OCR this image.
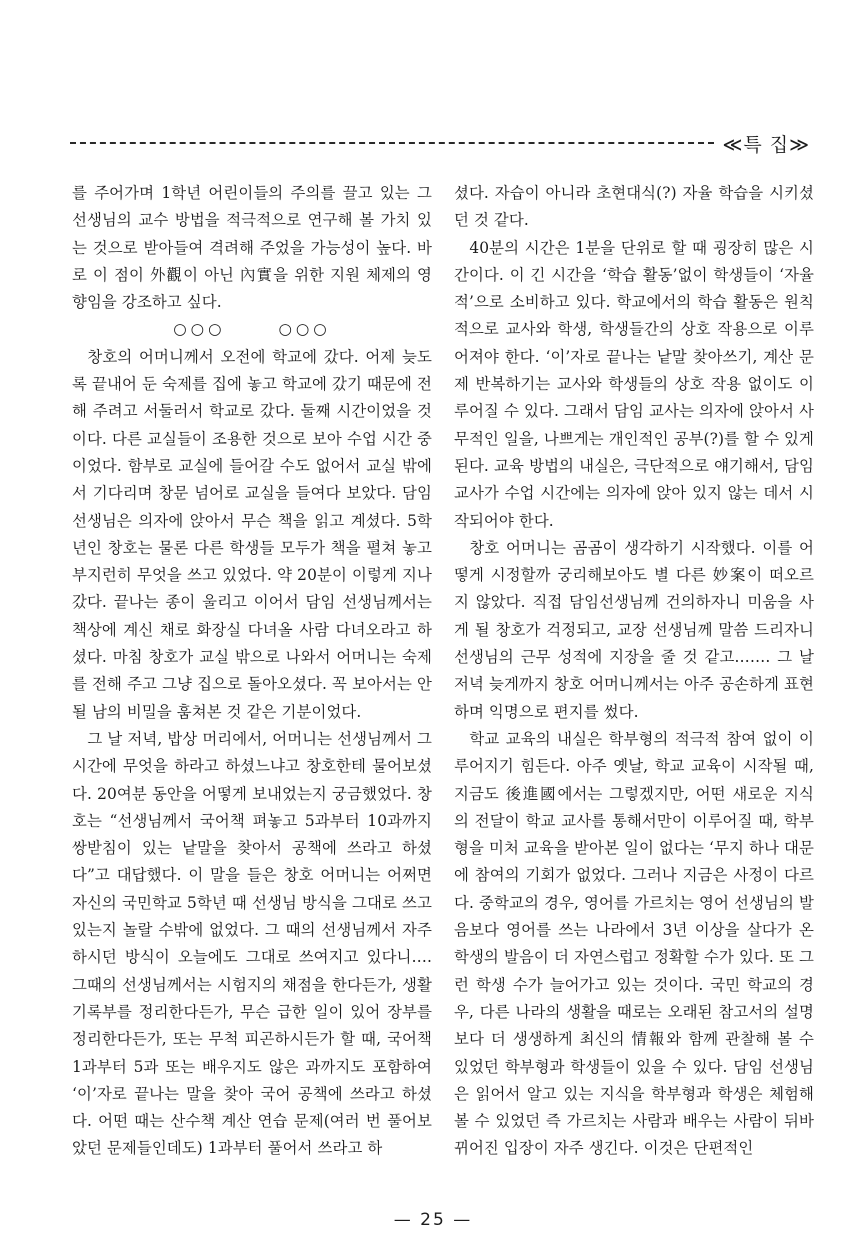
≪특 집≫

를 주어가며 1학년 어린이들의 주의를 끌고 있는 그 선생님의 교수 방법을 적극적으로 연구해 볼 가치 있는 것으로 받아들여 격려해 주었을 가능성이 높다. 바로 이 점이 外觀이 아닌 內實을 위한 지원 체제의 영향임을 강조하고 싶다.

○○○	○○○

창호의 어머니께서 오전에 학교에 갔다. 어제 늦도록 끝내어 둔 숙제를 집에 놓고 학교에 갔기 때문에 전해 주려고 서둘러서 학교로 갔다. 둘째 시간이었을 것이다. 다른 교실들이 조용한 것으로 보아 수업 시간 중이었다. 함부로 교실에 들어갈 수도 없어서 교실 밖에서 기다리며 창문 넘어로 교실을 들여다 보았다. 담임 선생님은 의자에 앉아서 무슨 책을 읽고 계셨다. 5학년인 창호는 물론 다른 학생들 모두가 책을 펼쳐 놓고 부지런히 무엇을 쓰고 있었다. 약 20분이 이렇게 지나갔다. 끝나는 종이 울리고 이어서 담임 선생님께서는 책상에 계신 채로 화장실 다녀올 사람 다녀오라고 하셨다. 마침 창호가 교실 밖으로 나와서 어머니는 숙제를 전해 주고 그냥 집으로 돌아오셨다. 꼭 보아서는 안될 남의 비밀을 훔쳐본 것 같은 기분이었다.

그 날 저녁, 밥상 머리에서, 어머니는 선생님께서 그 시간에 무엇을 하라고 하셨느냐고 창호한테 물어보셨다. 20여분 동안을 어떻게 보내었는지 궁금했었다. 창호는 “선생님께서 국어책 펴놓고 5과부터 10과까지 쌍받침이 있는 낱말을 찾아서 공책에 쓰라고 하셨다”고 대답했다. 이 말을 들은 창호 어머니는 어쩌면 자신의 국민학교 5학년 때 선생님 방식을 그대로 쓰고 있는지 놀랄 수밖에 없었다. 그 때의 선생님께서 자주 하시던 방식이 오늘에도 그대로 쓰여지고 있다니…. 그때의 선생님께서는 시험지의 채점을 한다든가, 생활기록부를 정리한다든가, 무슨 급한 일이 있어 장부를 정리한다든가, 또는 무척 피곤하시든가 할 때, 국어책 1과부터 5과 또는 배우지도 않은 과까지도 포함하여 ‘이’자로 끝나는 말을 찾아 국어 공책에 쓰라고 하셨다. 어떤 때는 산수책 계산 연습 문제(여러 번 풀어보았던 문제들인데도) 1과부터 풀어서 쓰라고 하

셨다. 자습이 아니라 초현대식(?) 자율 학습을 시키셨던 것 같다.

40분의 시간은 1분을 단위로 할 때 굉장히 많은 시간이다. 이 긴 시간을 ‘학습 활동’없이 학생들이 ‘자율적’으로 소비하고 있다. 학교에서의 학습 활동은 원칙적으로 교사와 학생, 학생들간의 상호 작용으로 이루어져야 한다. ‘이’자로 끝나는 낱말 찾아쓰기, 계산 문제 반복하기는 교사와 학생들의 상호 작용 없이도 이루어질 수 있다. 그래서 담임 교사는 의자에 앉아서 사무적인 일을, 나쁘게는 개인적인 공부(?)를 할 수 있게 된다. 교육 방법의 내실은, 극단적으로 얘기해서, 담임 교사가 수업 시간에는 의자에 앉아 있지 않는 데서 시작되어야 한다.

창호 어머니는 곰곰이 생각하기 시작했다. 이를 어떻게 시정할까 궁리해보아도 별 다른 妙案이 떠오르지 않았다. 직접 담임선생님께 건의하자니 미움을 사게 될 창호가 걱정되고, 교장 선생님께 말씀 드리자니 선생님의 근무 성적에 지장을 줄 것 같고……. 그 날 저녁 늦게까지 창호 어머니께서는 아주 공손하게 표현하며 익명으로 편지를 썼다.

학교 교육의 내실은 학부형의 적극적 참여 없이 이루어지기 힘든다. 아주 옛날, 학교 교육이 시작될 때, 지금도 後進國에서는 그렇겠지만, 어떤 새로운 지식의 전달이 학교 교사를 통해서만이 이루어질 때, 학부형을 미처 교육을 받아본 일이 없다는 ‘무지 하나 대문에 참여의 기회가 없었다. 그러나 지금은 사정이 다르다. 중학교의 경우, 영어를 가르치는 영어 선생님의 발음보다 영어를 쓰는 나라에서 3년 이상을 살다가 온 학생의 발음이 더 자연스럽고 정확할 수가 있다. 또 그런 학생 수가 늘어가고 있는 것이다. 국민 학교의 경우, 다른 나라의 생활을 때로는 오래된 참고서의 설명보다 더 생생하게 최신의 情報와 함께 관찰해 볼 수 있었던 학부형과 학생들이 있을 수 있다. 담임 선생님은 읽어서 알고 있는 지식을 학부형과 학생은 체험해 볼 수 있었던 즉 가르치는 사람과 배우는 사람이 뒤바뀌어진 입장이 자주 생긴다. 이것은 단편적인

— 25 —
